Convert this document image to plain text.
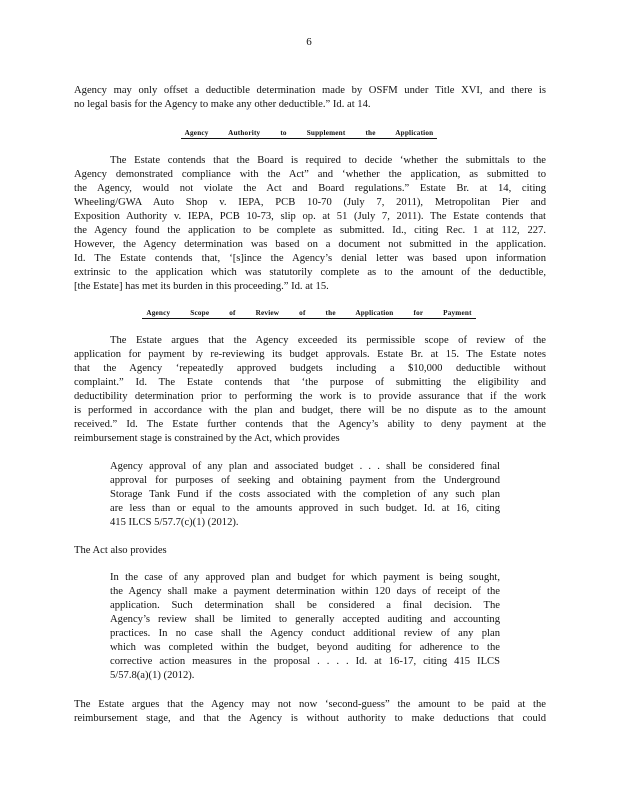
6
Agency may only offset a deductible determination made by OSFM under Title XVI, and there is
no legal basis for the Agency to make any other deductible.” Id. at 14.
Agency Authority to Supplement the Application
The Estate contends that the Board is required to decide ‘whether the submittals to the
Agency demonstrated compliance with the Act” and ‘whether the application, as submitted to
the Agency, would not violate the Act and Board regulations.” Estate Br. at 14, citing
Wheeling/GWA Auto Shop v. IEPA, PCB 10-70 (July 7, 2011), Metropolitan Pier and
Exposition Authority v. IEPA, PCB 10-73, slip op. at 51 (July 7, 2011). The Estate contends that
the Agency found the application to be complete as submitted. Id., citing Rec. 1 at 112, 227.
However, the Agency determination was based on a document not submitted in the application.
Id. The Estate contends that, ‘[s]ince the Agency’s denial letter was based upon information
extrinsic to the application which was statutorily complete as to the amount of the deductible,
[the Estate] has met its burden in this proceeding.” Id. at 15.
Agency Scope of Review of the Application for Payment
The Estate argues that the Agency exceeded its permissible scope of review of the
application for payment by re-reviewing its budget approvals. Estate Br. at 15. The Estate notes
that the Agency ‘repeatedly approved budgets including a $10,000 deductible without
complaint.” Id. The Estate contends that ‘the purpose of submitting the eligibility and
deductibility determination prior to performing the work is to provide assurance that if the work
is performed in accordance with the plan and budget, there will be no dispute as to the amount
received.” Id. The Estate further contends that the Agency’s ability to deny payment at the
reimbursement stage is constrained by the Act, which provides
Agency approval of any plan and associated budget . . . shall be considered final
approval for purposes of seeking and obtaining payment from the Underground
Storage Tank Fund if the costs associated with the completion of any such plan
are less than or equal to the amounts approved in such budget. Id. at 16, citing
415 ILCS 5/57.7(c)(1) (2012).
The Act also provides
In the case of any approved plan and budget for which payment is being sought,
the Agency shall make a payment determination within 120 days of receipt of the
application. Such determination shall be considered a final decision. The
Agency’s review shall be limited to generally accepted auditing and accounting
practices. In no case shall the Agency conduct additional review of any plan
which was completed within the budget, beyond auditing for adherence to the
corrective action measures in the proposal . . . . Id. at 16-17, citing 415 ILCS
5/57.8(a)(1) (2012).
The Estate argues that the Agency may not now ‘second-guess” the amount to be paid at the
reimbursement stage, and that the Agency is without authority to make deductions that could
